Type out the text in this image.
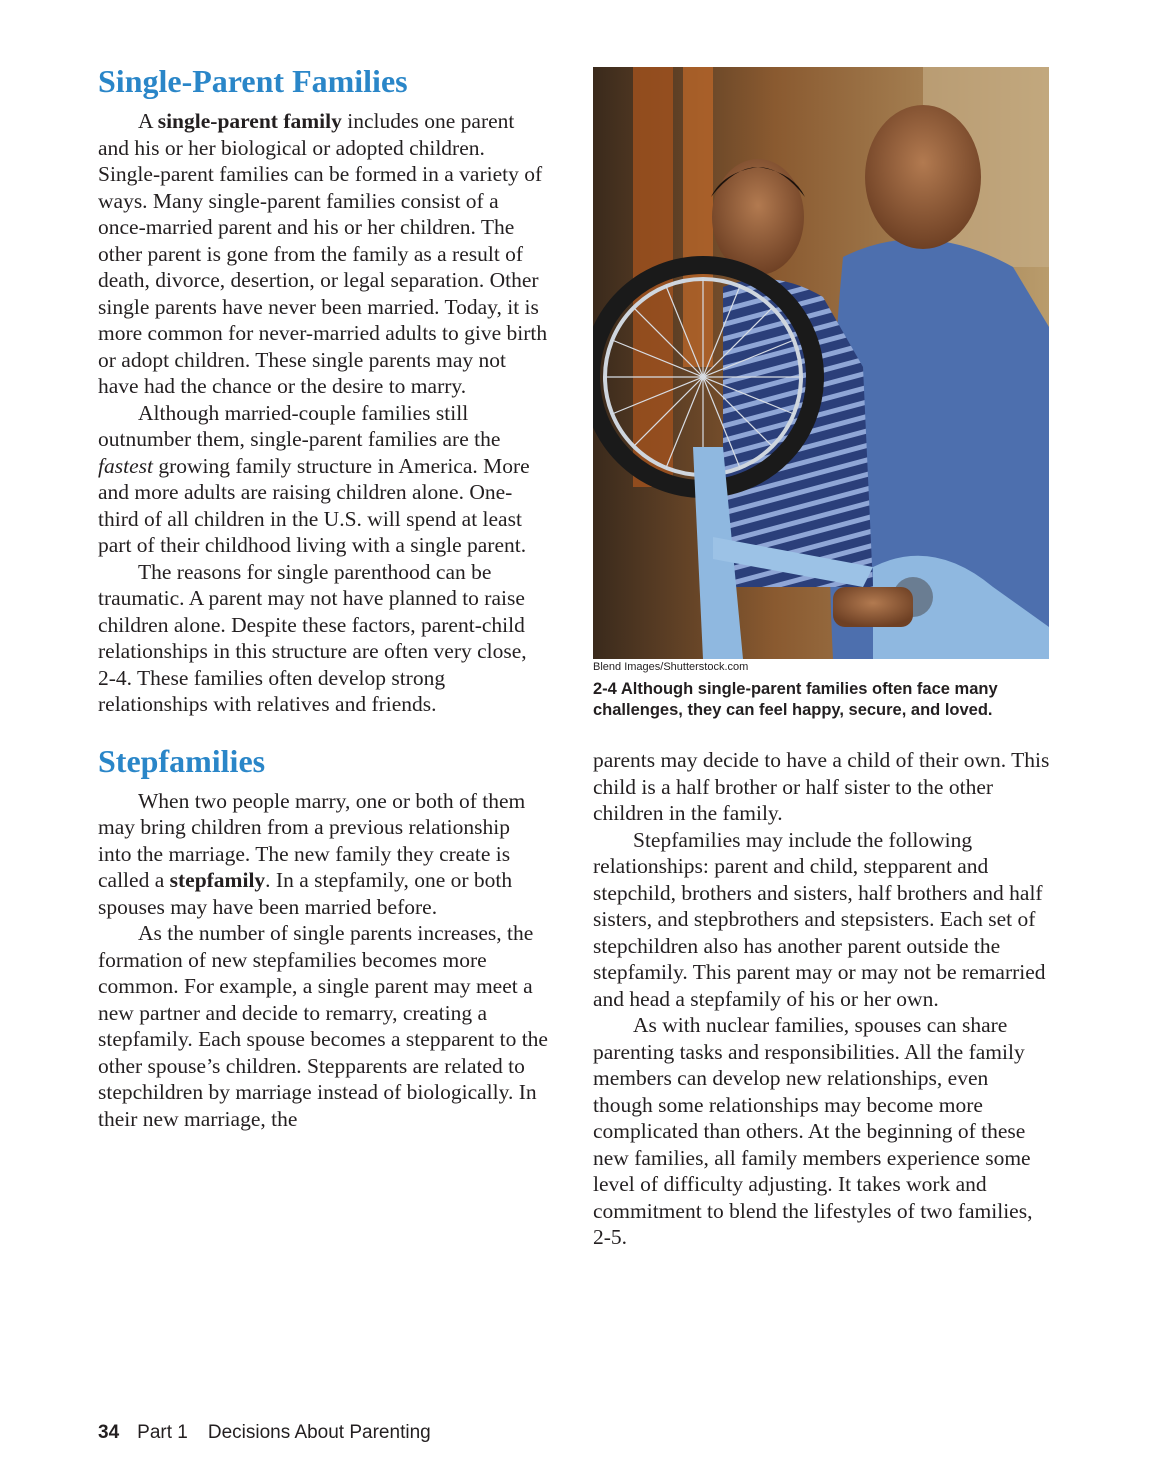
Single-Parent Families

A single-parent family includes one parent and his or her biological or adopted children. Single-parent families can be formed in a variety of ways. Many single-parent families consist of a once-married parent and his or her children. The other parent is gone from the family as a result of death, divorce, desertion, or legal separation. Other single parents have never been married. Today, it is more common for never-married adults to give birth or adopt children. These single parents may not have had the chance or the desire to marry.

Although married-couple families still outnumber them, single-parent families are the fastest growing family structure in America. More and more adults are raising children alone. One-third of all children in the U.S. will spend at least part of their childhood living with a single parent.

The reasons for single parenthood can be traumatic. A parent may not have planned to raise children alone. Despite these factors, parent-child relationships in this structure are often very close, 2-4. These families often develop strong relationships with relatives and friends.

Stepfamilies

When two people marry, one or both of them may bring children from a previous relationship into the marriage. The new family they create is called a stepfamily. In a stepfamily, one or both spouses may have been married before.

As the number of single parents increases, the formation of new stepfamilies becomes more common. For example, a single parent may meet a new partner and decide to remarry, creating a stepfamily. Each spouse becomes a stepparent to the other spouse’s children. Stepparents are related to stepchildren by marriage instead of biologically. In their new marriage, the

Blend Images/Shutterstock.com
2-4 Although single-parent families often face many challenges, they can feel happy, secure, and loved.

parents may decide to have a child of their own. This child is a half brother or half sister to the other children in the family.

Stepfamilies may include the following relationships: parent and child, stepparent and stepchild, brothers and sisters, half brothers and half sisters, and stepbrothers and stepsisters. Each set of stepchildren also has another parent outside the stepfamily. This parent may or may not be remarried and head a stepfamily of his or her own.

As with nuclear families, spouses can share parenting tasks and responsibilities. All the family members can develop new relationships, even though some relationships may become more complicated than others. At the beginning of these new families, all family members experience some level of difficulty adjusting. It takes work and commitment to blend the lifestyles of two families, 2-5.

34 Part 1 Decisions About Parenting
